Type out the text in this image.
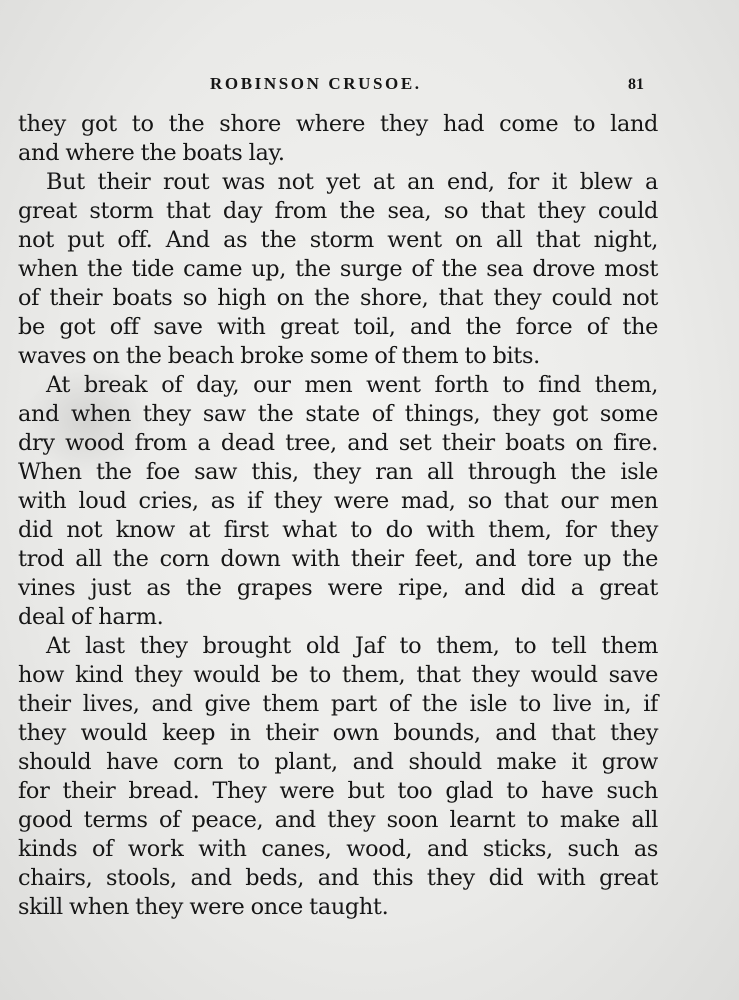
ROBINSON CRUSOE.	81

they got to the shore where they had come to land
and where the boats lay.

But their rout was not yet at an end, for it blew a
great storm that day from the sea, so that they could
not put off. And as the storm went on all that night,
when the tide came up, the surge of the sea drove most
of their boats so high on the shore, that they could not
be got off save with great toil, and the force of the
waves on the beach broke some of them to bits.

At break of day, our men went forth to find them,
and when they saw the state of things, they got some
dry wood from a dead tree, and set their boats on fire.
When the foe saw this, they ran all through the isle
with loud cries, as if they were mad, so that our men
did not know at first what to do with them, for they
trod all the corn down with their feet, and tore up the
vines just as the grapes were ripe, and did a great
deal of harm.

At last they brought old Jaf to them, to tell them
how kind they would be to them, that they would save
their lives, and give them part of the isle to live in, if
they would keep in their own bounds, and that they
should have corn to plant, and should make it grow
for their bread. They were but too glad to have such
good terms of peace, and they soon learnt to make all
kinds of work with canes, wood, and sticks, such as
chairs, stools, and beds, and this they did with great
skill when they were once taught.
